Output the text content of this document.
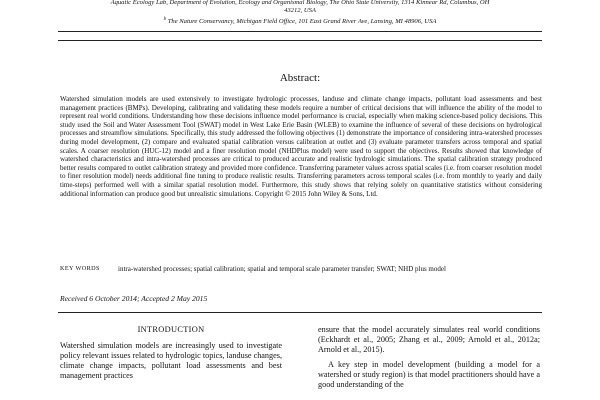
Aquatic Ecology Lab, Department of Evolution, Ecology and Organismal Biology, The Ohio State University, 1314 Kinnear Rd, Columbus, OH
43212, USA
$^b$ The Nature Conservancy, Michigan Field Office, 101 East Grand River Ave, Lansing, MI 48906, USA
Abstract:
Watershed simulation models are used extensively to investigate hydrologic processes, landuse and climate change impacts, pollutant load assessments and best management practices (BMPs). Developing, calibrating and validating these models require a number of critical decisions that will influence the ability of the model to represent real world conditions. Understanding how these decisions influence model performance is crucial, especially when making science-based policy decisions. This study used the Soil and Water Assessment Tool (SWAT) model in West Lake Erie Basin (WLEB) to examine the influence of several of these decisions on hydrological processes and streamflow simulations. Specifically, this study addressed the following objectives (1) demonstrate the importance of considering intra-watershed processes during model development, (2) compare and evaluated spatial calibration versus calibration at outlet and (3) evaluate parameter transfers across temporal and spatial scales. A coarser resolution (HUC-12) model and a finer resolution model (NHDPlus model) were used to support the objectives. Results showed that knowledge of watershed characteristics and intra-watershed processes are critical to produced accurate and realistic hydrologic simulations. The spatial calibration strategy produced better results compared to outlet calibration strategy and provided more confidence. Transferring parameter values across spatial scales (i.e. from coarser resolution model to finer resolution model) needs additional fine tuning to produce realistic results. Transferring parameters across temporal scales (i.e. from monthly to yearly and daily time-steps) performed well with a similar spatial resolution model. Furthermore, this study shows that relying solely on quantitative statistics without considering additional information can produce good but unrealistic simulations. Copyright © 2015 John Wiley & Sons, Ltd.
KEY WORDS	intra-watershed processes; spatial calibration; spatial and temporal scale parameter transfer; SWAT; NHD plus model
Received 6 October 2014; Accepted 2 May 2015
INTRODUCTION

Watershed simulation models are increasingly used to investigate policy relevant issues related to hydrologic topics, landuse changes, climate change impacts, pollutant load assessments and best management practices

ensure that the model accurately simulates real world conditions (Eckhardt et al., 2005; Zhang et al., 2009; Arnold et al., 2012a; Arnold et al., 2015).

A key step in model development (building a model for a watershed or study region) is that model practitioners should have a good understanding of the
